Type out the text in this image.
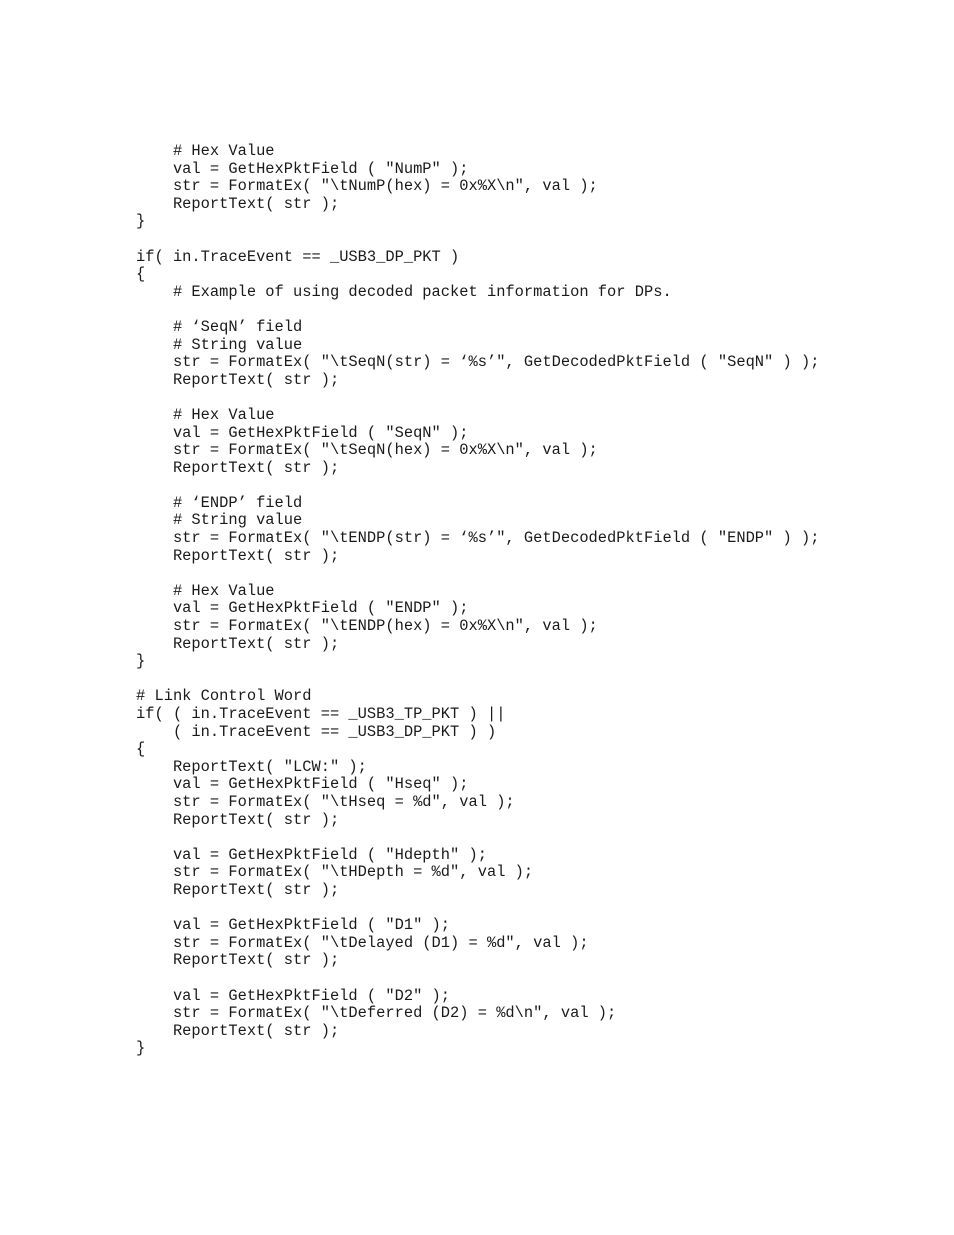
# Hex Value
val = GetHexPktField ( "NumP" );
str = FormatEx( "\tNumP(hex) = 0x%X\n", val );
ReportText( str );
}
if( in.TraceEvent == _USB3_DP_PKT )
{
# Example of using decoded packet information for DPs.
# ‘SeqN’ field
# String value
str = FormatEx( "\tSeqN(str) = ‘%s’", GetDecodedPktField ( "SeqN" ) );
ReportText( str );
# Hex Value
val = GetHexPktField ( "SeqN" );
str = FormatEx( "\tSeqN(hex) = 0x%X\n", val );
ReportText( str );
# ‘ENDP’ field
# String value
str = FormatEx( "\tENDP(str) = ‘%s’", GetDecodedPktField ( "ENDP" ) );
ReportText( str );
# Hex Value
val = GetHexPktField ( "ENDP" );
str = FormatEx( "\tENDP(hex) = 0x%X\n", val );
ReportText( str );
}
# Link Control Word
if( ( in.TraceEvent == _USB3_TP_PKT ) ||
( in.TraceEvent == _USB3_DP_PKT ) )
{
ReportText( "LCW:" );
val = GetHexPktField ( "Hseq" );
str = FormatEx( "\tHseq = %d", val );
ReportText( str );
val = GetHexPktField ( "Hdepth" );
str = FormatEx( "\tHDepth = %d", val );
ReportText( str );
val = GetHexPktField ( "D1" );
str = FormatEx( "\tDelayed (D1) = %d", val );
ReportText( str );
val = GetHexPktField ( "D2" );
str = FormatEx( "\tDeferred (D2) = %d\n", val );
ReportText( str );
}
